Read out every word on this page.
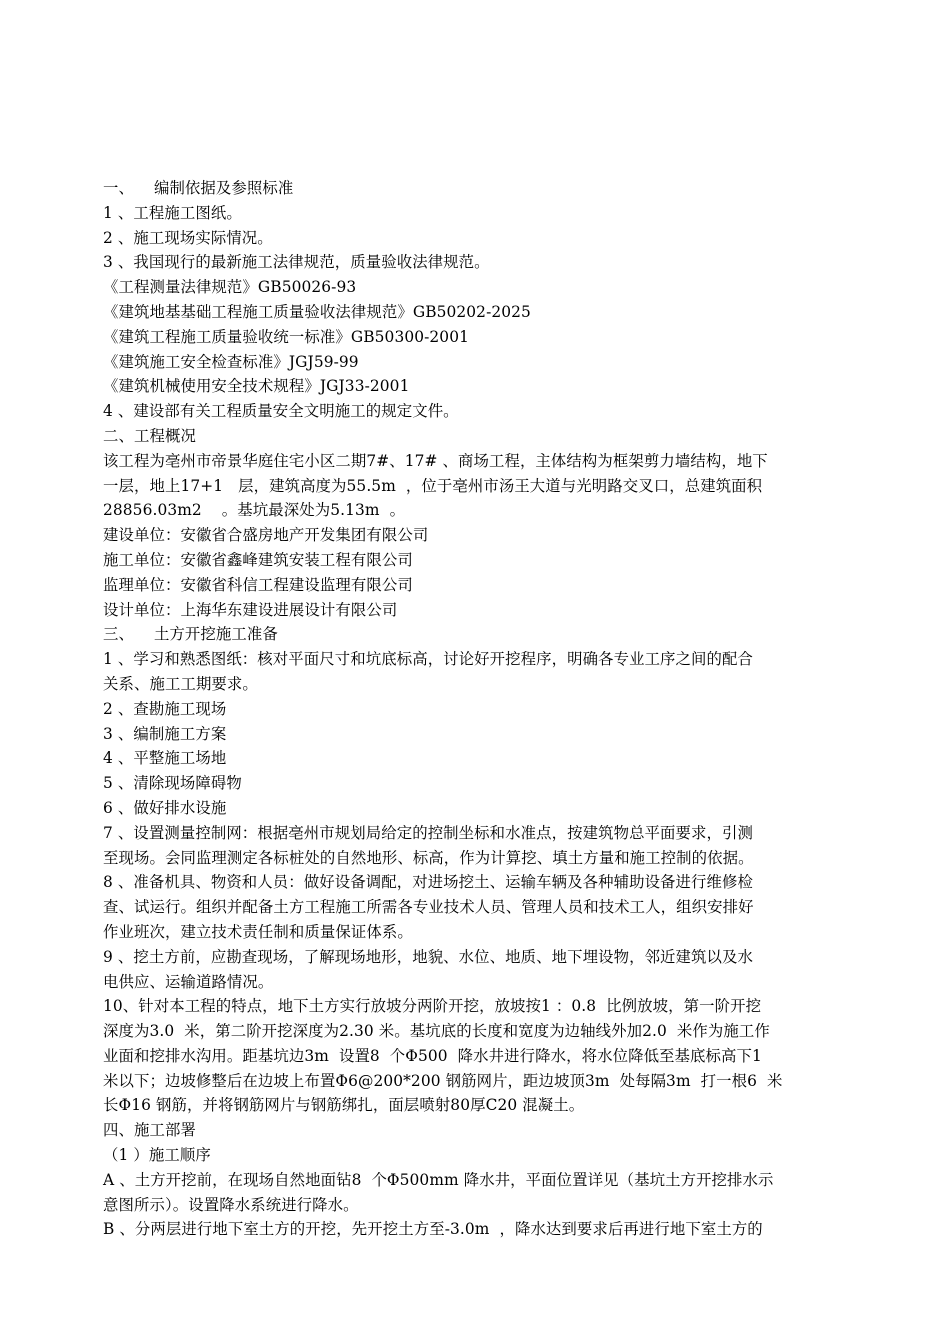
一、    编制依据及参照标准
1 、工程施工图纸。
2 、施工现场实际情况。
3 、我国现行的最新施工法律规范，质量验收法律规范。
《工程测量法律规范》GB50026-93
《建筑地基基础工程施工质量验收法律规范》GB50202-2025
《建筑工程施工质量验收统一标准》GB50300-2001
《建筑施工安全检查标准》JGJ59-99
《建筑机械使用安全技术规程》JGJ33-2001
4 、建设部有关工程质量安全文明施工的规定文件。
二、工程概况
该工程为亳州市帝景华庭住宅小区二期7#、17# 、商场工程，主体结构为框架剪力墙结构，地下
一层，地上17+1   层，建筑高度为55.5m  ，位于亳州市汤王大道与光明路交叉口，总建筑面积
28856.03m2    。基坑最深处为5.13m  。
建设单位：安徽省合盛房地产开发集团有限公司
施工单位：安徽省鑫峰建筑安装工程有限公司
监理单位：安徽省科信工程建设监理有限公司
设计单位：上海华东建设进展设计有限公司
三、    土方开挖施工准备
1 、学习和熟悉图纸：核对平面尺寸和坑底标高，讨论好开挖程序，明确各专业工序之间的配合
关系、施工工期要求。
2 、查勘施工现场
3 、编制施工方案
4 、平整施工场地
5 、清除现场障碍物
6 、做好排水设施
7 、设置测量控制网：根据亳州市规划局给定的控制坐标和水准点，按建筑物总平面要求，引测
至现场。会同监理测定各标桩处的自然地形、标高，作为计算挖、填土方量和施工控制的依据。
8 、准备机具、物资和人员：做好设备调配，对进场挖土、运输车辆及各种辅助设备进行维修检
查、试运行。组织并配备土方工程施工所需各专业技术人员、管理人员和技术工人，组织安排好
作业班次，建立技术责任制和质量保证体系。
9 、挖土方前，应勘查现场，了解现场地形，地貌、水位、地质、地下埋设物，邻近建筑以及水
电供应、运输道路情况。
10、针对本工程的特点，地下土方实行放坡分两阶开挖，放坡按1 ：0.8  比例放坡，第一阶开挖
深度为3.0  米，第二阶开挖深度为2.30 米。基坑底的长度和宽度为边轴线外加2.0  米作为施工作
业面和挖排水沟用。距基坑边3m  设置8  个Φ500  降水井进行降水，将水位降低至基底标高下1
米以下；边坡修整后在边坡上布置Φ6@200*200 钢筋网片，距边坡顶3m  处每隔3m  打一根6  米
长Φ16 钢筋，并将钢筋网片与钢筋绑扎，面层喷射80厚C20 混凝土。
四、施工部署
（1 ）施工顺序
A 、土方开挖前，在现场自然地面钻8  个Φ500mm 降水井，平面位置详见（基坑土方开挖排水示
意图所示）。设置降水系统进行降水。
B 、分两层进行地下室土方的开挖，先开挖土方至-3.0m  ，降水达到要求后再进行地下室土方的
